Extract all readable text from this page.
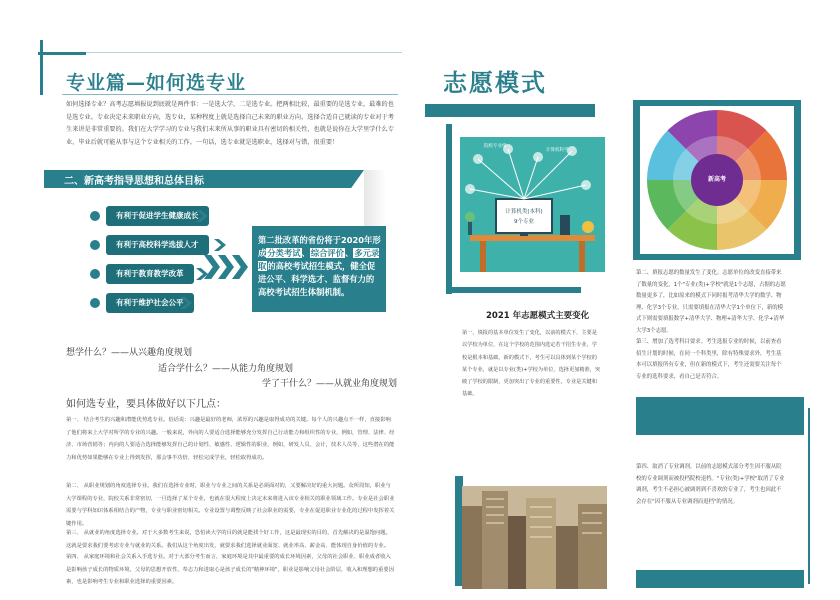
专业篇—如何选专业
如何选择专业？高考志愿填报说到底就是两件事：一是选大学，二是选专业。把两相比较，最重要的是选专业，最难的也是选专业。专业决定未来职业方向，选专业，某种程度上就是选择自己未来的职业方向，选择合适自己就读的专业对于考生来讲是非常重要的。我们在大学学习的专业与我们未来所从事的职业具有密切的相关性，也就是说你在大学里学什么专业，毕业后就可能从事与这个专业相关的工作。一句话，选专业就是选职业，选择对与错，很重要！
二、新高考指导思想和总体目标
有利于促进学生健康成长
有利于高校科学选拔人才
有利于教育教学改革
有利于维护社会公平
第二批改革的省份将于2020年形成分类考试、综合评价、多元录取的高校考试招生模式，健全促进公平、科学选才、监督有力的高校考试招生体制机制。
想学什么？——从兴趣角度规划
适合学什么？——从能力角度规划
学了干什么？——从就业角度规划
如何选专业，要具体做好以下几点：
第一、 结合考生的兴趣和潜能优势选专业。俗话说：兴趣是最好的老师，浓厚的兴趣是取得成功的关键。每个人的兴趣点不一样，直接影响了他们将来上大学对所学的专业的兴趣。一般来说，外向的人要适合选择能够充分发挥自己行动能力和组织性的专业，例如，管理、法律、经济、市场营销等；内向的人要适合选择能够发挥自己的计划性、敏感性、逻辑性的职业，例如，研发人员、会计，技术人员等，这些潜在的能力和优势如果能够在专业上得到发挥，那会事半功倍，轻松完成学业，轻松取得成功。
第二、 从职业规划的角度选择专业。我们在选择专业时，职业与专业之间的关系是必须面对的，又要解决好的重大问题。众所周知，职业与大学课程的专业，院校关系非常密切，一旦选择了某个专业，也就在很大程度上决定未来将进入该专业相关的职业领域工作。专业是社会职业需要与学科知识体系相结合的产物，专业与职业密切相关。专业设置与调整反映了社会职业的需要，专业在促进职业专业化的过程中发挥着关键作用。
第三、 从就业的角度选择专业。对于大多数考生来说，恐怕读大学的目的就是能找个好工作，这是最现实的目的，首先解决的是温饱问题。这就是要求我们要考虑专业与就业的关系。我们从这个角度出发，就要求我们选择就业面宽、就业率高、薪金高、能体现自身价值的专业。
第四、 从家庭环境和社会关系入手选专业。对于大部分考生而言，家庭环境是其中最重要的成长环境因素，父母的社会职业、职业成者收入是影响孩子成长的物质环境，父母的思想开放性，奉志力和进取心是孩子成长的"精神环境"，职业是影响父母社会阶层，收入和理想的重要因素，也是影响考生专业和职业选择的重要因素。
志愿模式
计算机类(本科)
9个专业
计算机科学
院校专业组
2021 年志愿模式主要变化
第一、填报的基本单位发生了变化，以前的模式下，主要是以学校为单位，在这个学校的范围内选定若干招生专业，学校是根本和基础。新的模式下，考生可以具体到某个学校的某个专业，就是以专业(类)+学校为单位，选择更加精准，突破了学校的限制，更加突出了专业的重要性，专业是关键和基础。
新高考
第二、填报志愿的数量发生了变化。志愿单位的改变直接带来了数量的变化，1个"专业(类)+学校"就是1个志愿，占据的志愿数量更多了，比如原来的模式下同时报考清华大学的数学、物理、化学3个专业，只需要填报在清华大学1个单位下，新的模式下则需要填报数学+清华大学、物理+清华大学、化学+清华大学3个志愿。
第三、增加了选考科目要求。考生选报专业的时候，以前查看招生计划的时候，在同一个科类里，除有特殊要求外，考生基本可以填报所有专业，但在新的模式下，考生还需要关注每个专业的选科要求，看自己是否符合。
第四、取消了专业调剂。以前的志愿模式部分考生因不服从院校的专业调剂而被投档院校退档。"专业(类)+学校"取消了专业调剂，考生不必担心被调剂到不喜欢的专业了，考生也因此不会存在"因不服从专业调剂而退档"的情况。
